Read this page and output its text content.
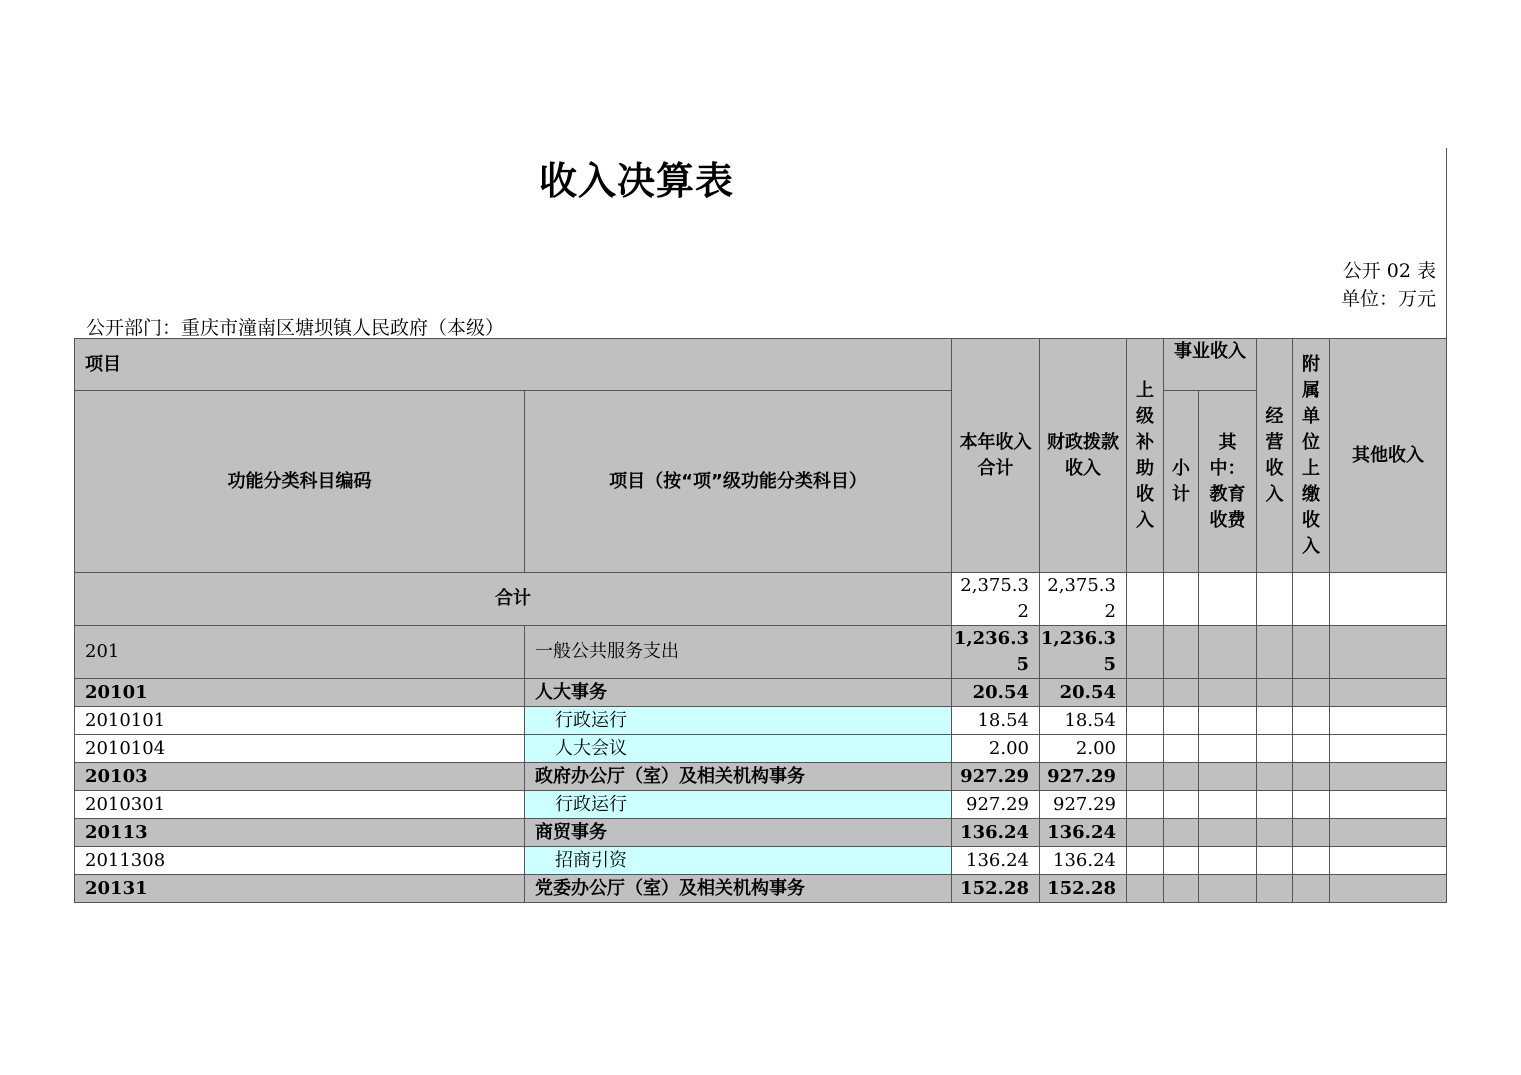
收入决算表
公开 02 表
单位：万元
公开部门：重庆市潼南区塘坝镇人民政府（本级）
项目		本年收入合计	财政拨款收入	上级补助收入	事业收入		经营收入	附属单位上缴收入	其他收入
功能分类科目编码	项目（按“项”级功能分类科目）				小计	其中：教育收费			
合计		2,375.32	2,375.32						
201	一般公共服务支出	1,236.35	1,236.35						
20101	人大事务	20.54	20.54						
2010101	行政运行	18.54	18.54						
2010104	人大会议	2.00	2.00						
20103	政府办公厅（室）及相关机构事务	927.29	927.29						
2010301	行政运行	927.29	927.29						
20113	商贸事务	136.24	136.24						
2011308	招商引资	136.24	136.24						
20131	党委办公厅（室）及相关机构事务	152.28	152.28						
